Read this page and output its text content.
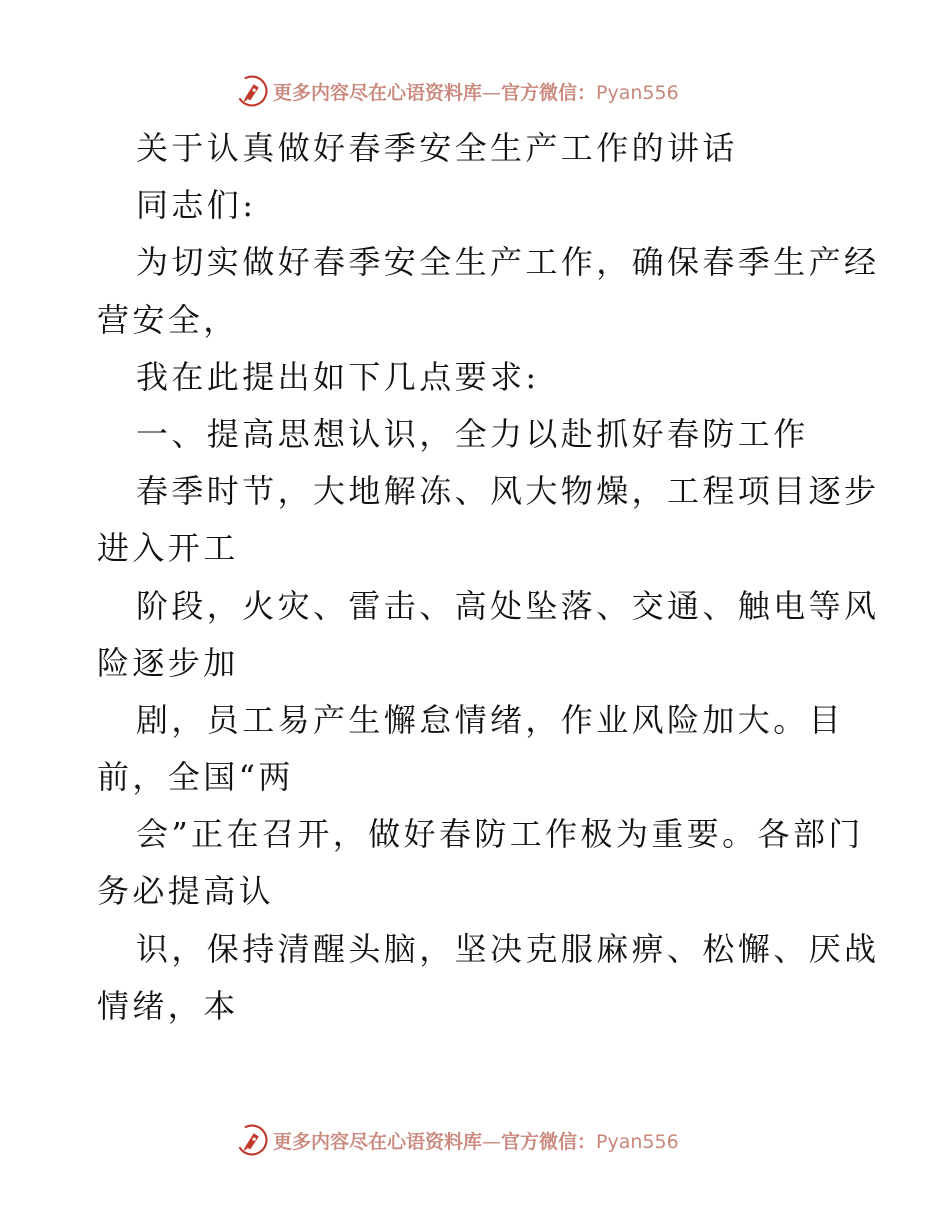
更多内容尽在心语资料库—官方微信：Pyan556
关于认真做好春季安全生产工作的讲话
同志们:
为切实做好春季安全生产工作，确保春季生产经
营安全，
我在此提出如下几点要求:
一、提高思想认识，全力以赴抓好春防工作
春季时节，大地解冻、风大物燥，工程项目逐步
进入开工
阶段，火灾、雷击、高处坠落、交通、触电等风
险逐步加
剧，员工易产生懈怠情绪，作业风险加大。目
前，全国“两
会”正在召开，做好春防工作极为重要。各部门
务必提高认
识，保持清醒头脑，坚决克服麻痹、松懈、厌战
情绪，本
更多内容尽在心语资料库—官方微信：Pyan556
